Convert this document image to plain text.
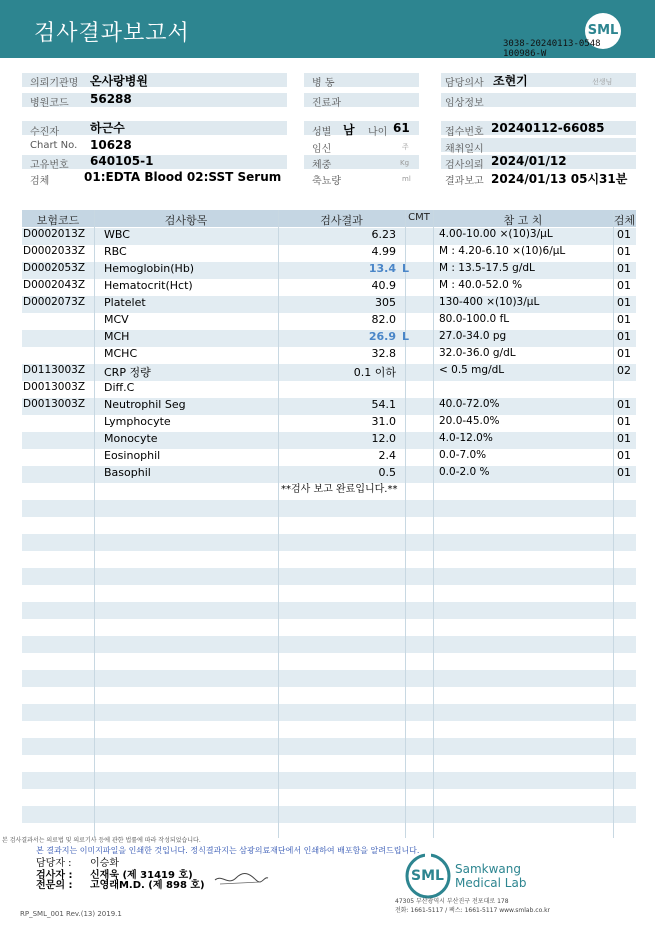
검사결과보고서	SML
3038-20240113-0548
100986-W
의뢰기관명 온사랑병원	병 동	담당의사 조현기	선생님
병원코드 56288	진료과	임상정보
수진자	하근수	성별 남 나이 61	접수번호 20240112-66085
Chart No. 10628	임신	주	채취일시
고유번호 640105-1	체중	Kg	검사의뢰 2024/01/12
검체	01:EDTA Blood 02:SST Serum	축뇨량	ml	결과보고 2024/01/13 05시31분
보험코드	검사항목	검사결과	CMT	참 고 치	검체
D0002013Z WBC	6.23	4.00-10.00 ×(10)3/μL	01
D0002033Z RBC	4.99	M : 4.20-6.10 ×(10)6/μL	01
D0002053Z Hemoglobin(Hb)	13.4 L	M : 13.5-17.5 g/dL	01
D0002043Z Hematocrit(Hct)	40.9	M : 40.0-52.0 %	01
D0002073Z Platelet	305	130-400 ×(10)3/μL	01
MCV	82.0	80.0-100.0 fL	01
MCH	26.9 L	27.0-34.0 pg	01
MCHC	32.8	32.0-36.0 g/dL	01
D0113003Z CRP 정량	0.1 이하	< 0.5 mg/dL	02
D0013003Z Diff.C
D0013003Z Neutrophil Seg	54.1	40.0-72.0%	01
Lymphocyte	31.0	20.0-45.0%	01
Monocyte	12.0	4.0-12.0%	01
Eosinophil	2.4	0.0-7.0%	01
Basophil	0.5	0.0-2.0 %	01
**검사 보고 완료입니다.**
본 검사결과서는 의료법 및 의료기사 등에 관한 법률에 따라 작성되었습니다.
본 결과지는 이미지파일을 인쇄한 것입니다. 정식결과지는 삼광의료재단에서 인쇄하여 배포함을 알려드립니다.
담당자 : 이승화
검사자 : 신재욱 (제 31419 호)
전문의 : 고영래M.D. (제 898 호)
SML Samkwang
Medical Lab
47305 부산광역시 부산진구 전포대로 178
전화: 1661-5117 / 팩스: 1661-5117 www.smlab.co.kr
RP_SML_001 Rev.(13) 2019.1
